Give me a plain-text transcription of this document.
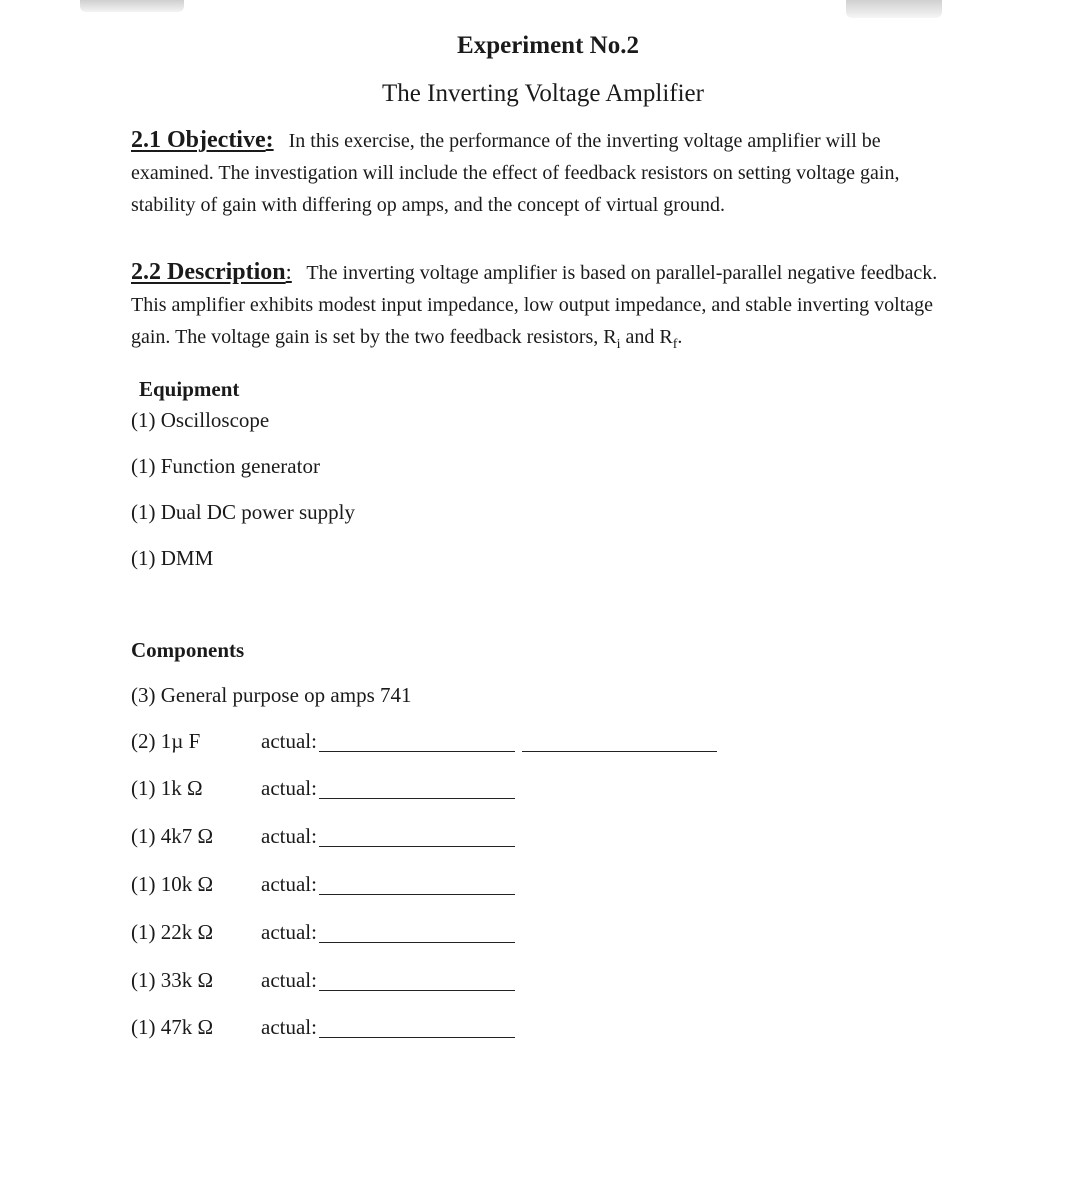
Experiment No.2
The Inverting Voltage Amplifier
2.1 Objective: In this exercise, the performance of the inverting voltage amplifier will be examined. The investigation will include the effect of feedback resistors on setting voltage gain, stability of gain with differing op amps, and the concept of virtual ground.
2.2 Description: The inverting voltage amplifier is based on parallel-parallel negative feedback. This amplifier exhibits modest input impedance, low output impedance, and stable inverting voltage gain. The voltage gain is set by the two feedback resistors, $R_i$ and $R_f$.
Equipment
(1) Oscilloscope
(1) Function generator
(1) Dual DC power supply
(1) DMM
Components
(3) General purpose op amps 741
(2) 1µ F	actual:
(1) 1k Ω	actual:
(1) 4k7 Ω actual:
(1) 10k Ω actual:
(1) 22k Ω actual:
(1) 33k Ω actual:
(1) 47k Ω actual:
